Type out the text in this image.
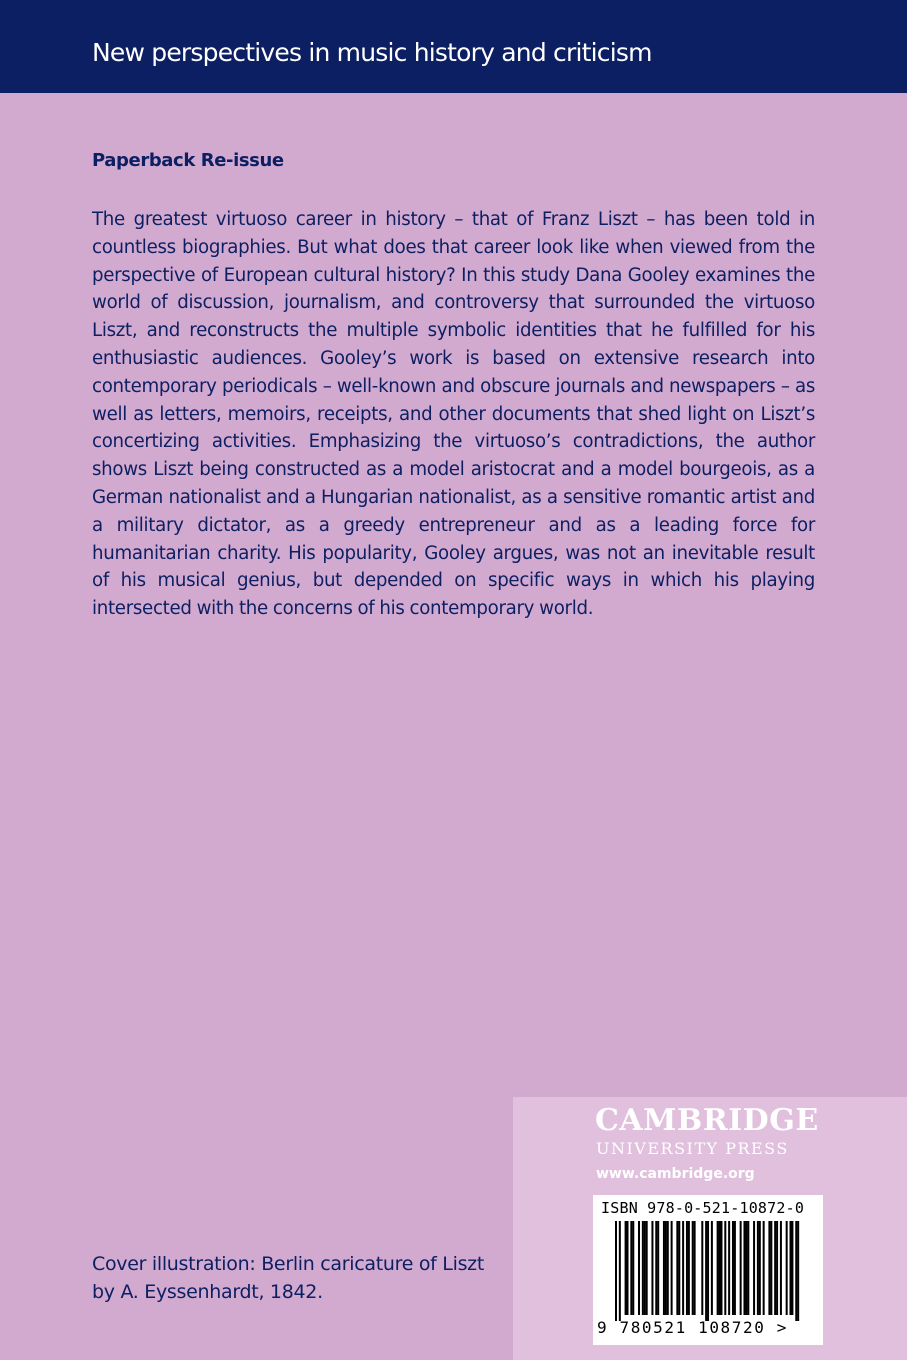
New perspectives in music history and criticism
Paperback Re-issue

The greatest virtuoso career in history – that of Franz Liszt – has been told in countless biographies. But what does that career look like when viewed from the perspective of European cultural history? In this study Dana Gooley examines the world of discussion, journalism, and controversy that surrounded the virtuoso Liszt, and reconstructs the multiple symbolic identities that he fulfilled for his enthusiastic audiences. Gooley’s work is based on extensive research into contemporary periodicals – well-known and obscure journals and newspapers – as well as letters, memoirs, receipts, and other documents that shed light on Liszt’s concertizing activities. Emphasizing the virtuoso’s contradictions, the author shows Liszt being constructed as a model aristocrat and a model bourgeois, as a German nationalist and a Hungarian nationalist, as a sensitive romantic artist and a military dictator, as a greedy entrepreneur and as a leading force for humanitarian charity. His popularity, Gooley argues, was not an inevitable result of his musical genius, but depended on specific ways in which his playing intersected with the concerns of his contemporary world.

Cover illustration: Berlin caricature of Liszt by A. Eyssenhardt, 1842.
CAMBRIDGE
UNIVERSITY PRESS
www.cambridge.org
ISBN 978-0-521-10872-0
9 780521 108720 >
